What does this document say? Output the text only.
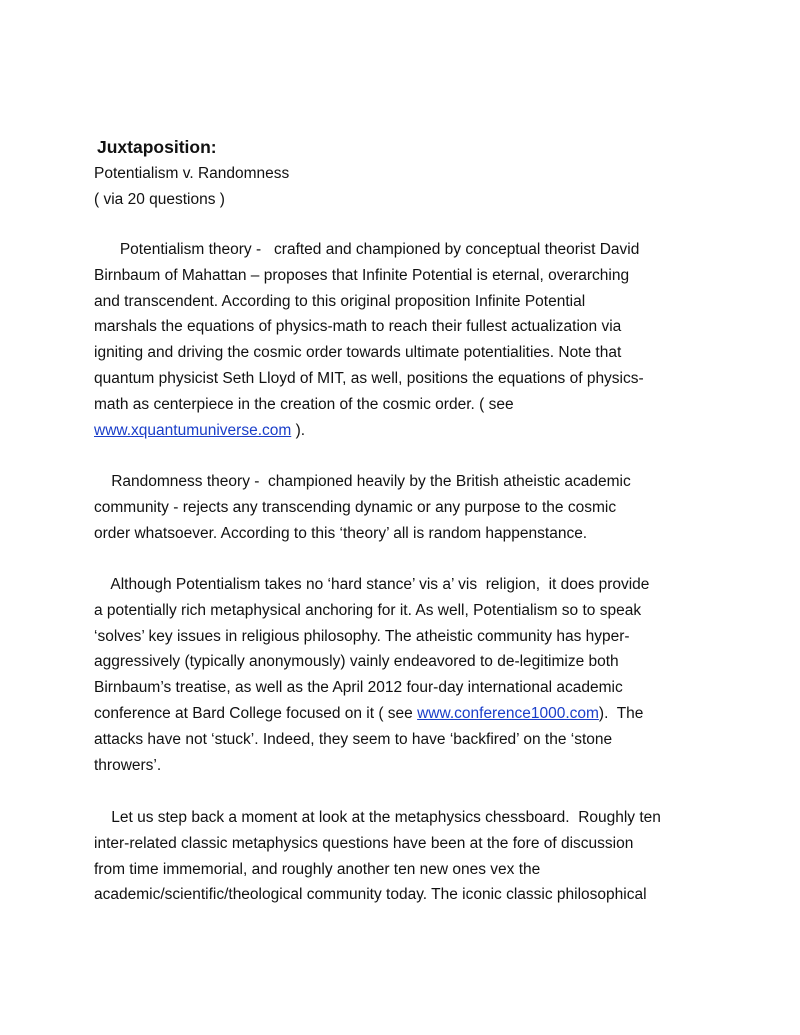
Juxtaposition:
Potentialism v. Randomness
( via 20 questions )
Potentialism theory -   crafted and championed by conceptual theorist David
Birnbaum of Mahattan – proposes that Infinite Potential is eternal, overarching
and transcendent. According to this original proposition Infinite Potential
marshals the equations of physics-math to reach their fullest actualization via
igniting and driving the cosmic order towards ultimate potentialities. Note that
quantum physicist Seth Lloyd of MIT, as well, positions the equations of physics-
math as centerpiece in the creation of the cosmic order. ( see
www.xquantumuniverse.com ).
Randomness theory -  championed heavily by the British atheistic academic
community - rejects any transcending dynamic or any purpose to the cosmic
order whatsoever. According to this ‘theory’ all is random happenstance.
Although Potentialism takes no ‘hard stance’ vis a’ vis  religion,  it does provide
a potentially rich metaphysical anchoring for it. As well, Potentialism so to speak
‘solves’ key issues in religious philosophy. The atheistic community has hyper-
aggressively (typically anonymously) vainly endeavored to de-legitimize both
Birnbaum’s treatise, as well as the April 2012 four-day international academic
conference at Bard College focused on it ( see www.conference1000.com).  The
attacks have not ‘stuck’. Indeed, they seem to have ‘backfired’ on the ‘stone
throwers’.
Let us step back a moment at look at the metaphysics chessboard.  Roughly ten
inter-related classic metaphysics questions have been at the fore of discussion
from time immemorial, and roughly another ten new ones vex the
academic/scientific/theological community today. The iconic classic philosophical
